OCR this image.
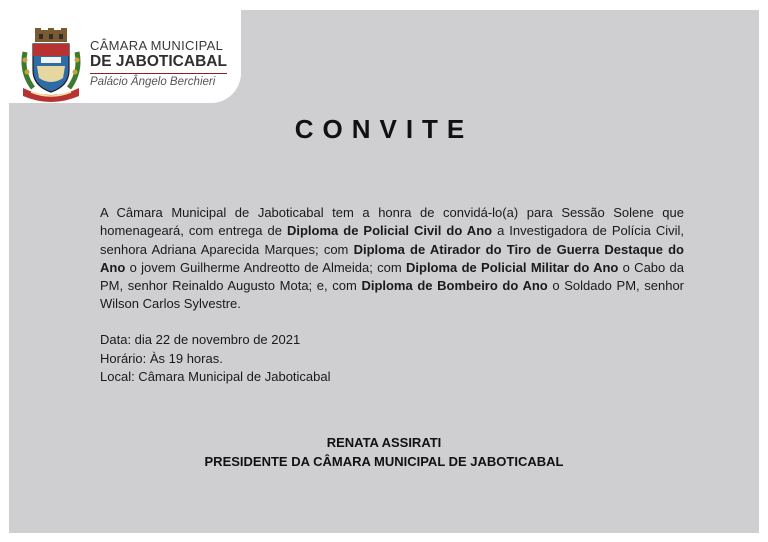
CÂMARA MUNICIPAL
DE JABOTICABAL
Palácio Ângelo Berchieri
CONVITE
A Câmara Municipal de Jaboticabal tem a honra de convidá-lo(a) para Sessão Solene que homenageará, com entrega de Diploma de Policial Civil do Ano a Investigadora de Polícia Civil, senhora Adriana Aparecida Marques; com Diploma de Atirador do Tiro de Guerra Destaque do Ano o jovem Guilherme Andreotto de Almeida; com Diploma de Policial Militar do Ano o Cabo da PM, senhor Reinaldo Augusto Mota; e, com Diploma de Bombeiro do Ano o Soldado PM, senhor Wilson Carlos Sylvestre.
Data: dia 22 de novembro de 2021
Horário: Às 19 horas.
Local: Câmara Municipal de Jaboticabal
RENATA ASSIRATI
PRESIDENTE DA CÂMARA MUNICIPAL DE JABOTICABAL
